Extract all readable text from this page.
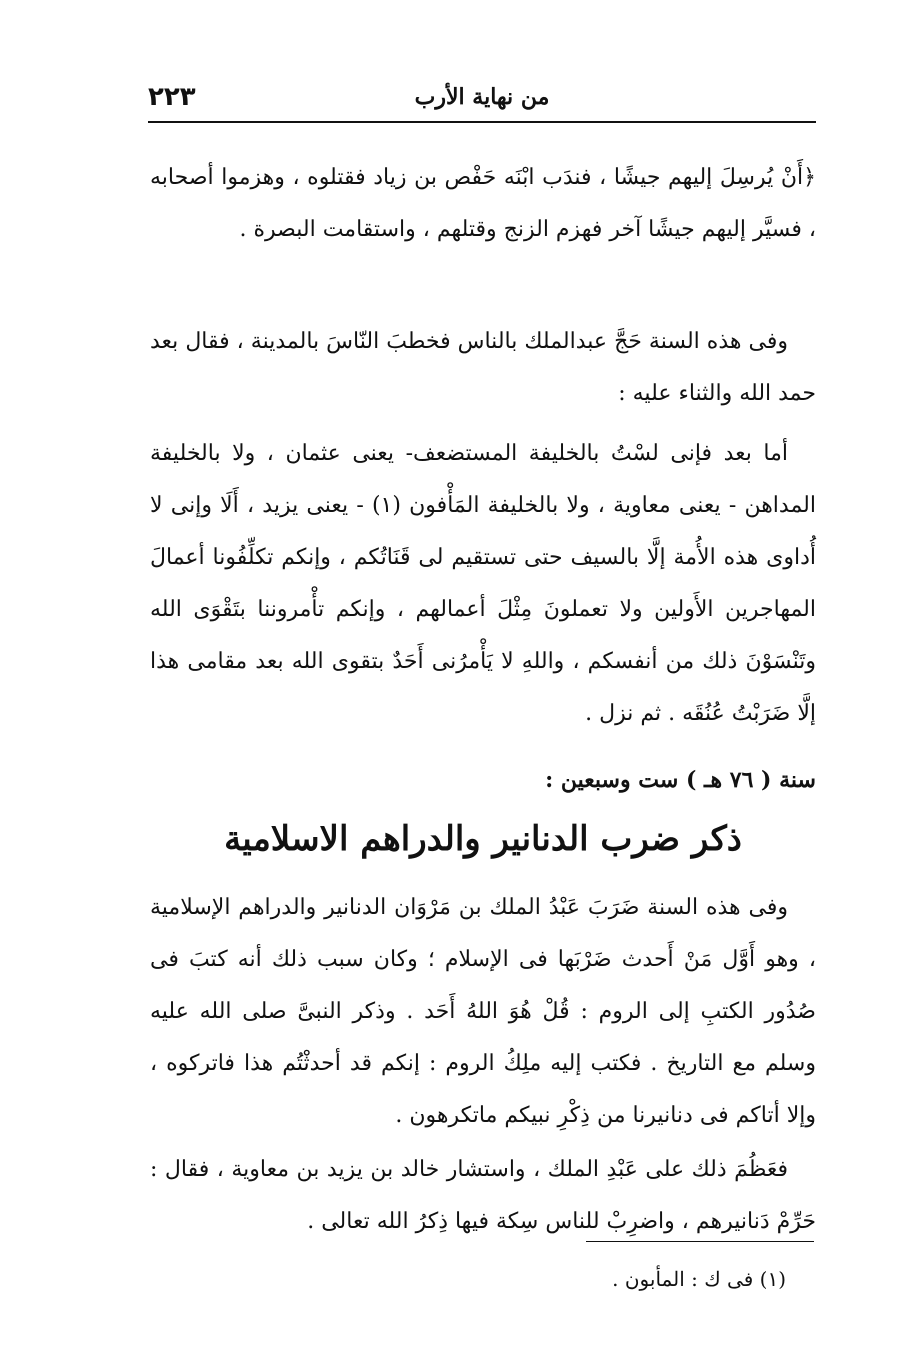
٢٢٣	من نهاية الأرب
﴿أَنْ يُرسِلَ إليهم جيشًا ، فندَب ابْنَه حَفْص بن زياد فقتلوه ، وهزموا أصحابه ، فسيَّر إليهم جيشًا آخر فهزم الزنج وقتلهم ، واستقامت البصرة .
وفى هذه السنة حَجَّ عبدالملك بالناس فخطبَ النّاسَ بالمدينة ، فقال بعد حمد الله والثناء عليه :
أما بعد فإنى لسْتُ بالخليفة المستضعف- يعنى عثمان ، ولا بالخليفة المداهن - يعنى معاوية ، ولا بالخليفة المَأْفون (١) - يعنى يزيد ، أَلَا وإنى لا أُداوى هذه الأُمة إلَّا بالسيف حتى تستقيم لى قَنَاتُكم ، وإنكم تكلِّفُونا أعمالَ المهاجرين الأَولين ولا تعملونَ مِثْلَ أعمالهم ، وإنكم تأْمروننا بتَقْوَى الله وتَنْسَوْنَ ذلك من أنفسكم ، واللهِ لا يَأْمرُنى أَحَدٌ بتقوى الله بعد مقامى هذا إلَّا ضَرَبْتُ عُنُقَه . ثم نزل .
سنة ( ٧٦ هـ ) ست وسبعين :
ذكر ضرب الدنانير والدراهم الاسلامية
وفى هذه السنة ضَرَبَ عَبْدُ الملك بن مَرْوَان الدنانير والدراهم الإسلامية ، وهو أَوَّل مَنْ أَحدث ضَرْبَها فى الإسلام ؛ وكان سبب ذلك أنه كتبَ فى صُدُور الكتبِ إلى الروم : قُلْ هُوَ اللهُ أَحَد . وذكر النبىَّ صلى الله عليه وسلم مع التاريخ . فكتب إليه ملِكُ الروم : إنكم قد أحدثْتُم هذا فاتركوه ، وإلا أتاكم فى دنانيرنا من ذِكْرِ نبيكم ماتكرهون .
فعَظُمَ ذلك على عَبْدِ الملك ، واستشار خالد بن يزيد بن معاوية ، فقال : حَرِّمْ دَنانيرهم ، واضرِبْ للناس سِكة فيها ذِكرُ الله تعالى .
(١) فى ك : المأبون .
